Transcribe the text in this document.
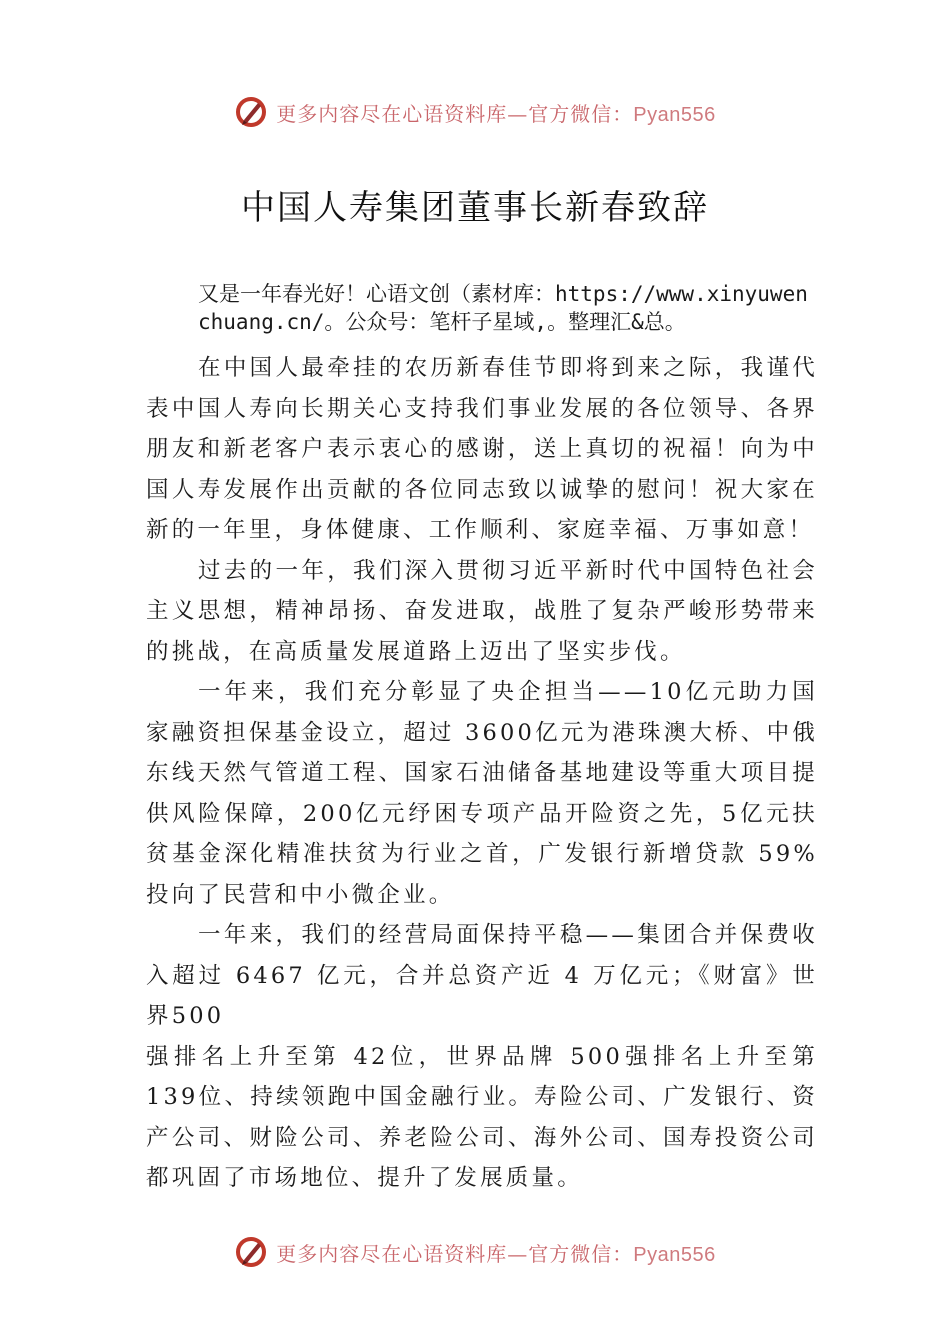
更多内容尽在心语资料库—官方微信：Pyan556
中国人寿集团董事长新春致辞

又是一年春光好！心语文创（素材库：https://www.xinyuwenchuang.cn/。公众号：笔杆子星域,。整理汇&总。

在中国人最牵挂的农历新春佳节即将到来之际，我谨代表中国人寿向长期关心支持我们事业发展的各位领导、各界朋友和新老客户表示衷心的感谢，送上真切的祝福！向为中国人寿发展作出贡献的各位同志致以诚挚的慰问！祝大家在新的一年里，身体健康、工作顺利、家庭幸福、万事如意！

过去的一年，我们深入贯彻习近平新时代中国特色社会主义思想，精神昂扬、奋发进取，战胜了复杂严峻形势带来的挑战，在高质量发展道路上迈出了坚实步伐。

一年来，我们充分彰显了央企担当——10亿元助力国家融资担保基金设立，超过 3600亿元为港珠澳大桥、中俄东线天然气管道工程、国家石油储备基地建设等重大项目提供风险保障，200亿元纾困专项产品开险资之先，5亿元扶贫基金深化精准扶贫为行业之首，广发银行新增贷款 59%投向了民营和中小微企业。

一年来，我们的经营局面保持平稳——集团合并保费收入超过 6467 亿元，合并总资产近 4 万亿元；《财富》世界500

强排名上升至第 42位，世界品牌 500强排名上升至第 139位、持续领跑中国金融行业。寿险公司、广发银行、资产公司、财险公司、养老险公司、海外公司、国寿投资公司都巩固了市场地位、提升了发展质量。

更多内容尽在心语资料库—官方微信：Pyan556
